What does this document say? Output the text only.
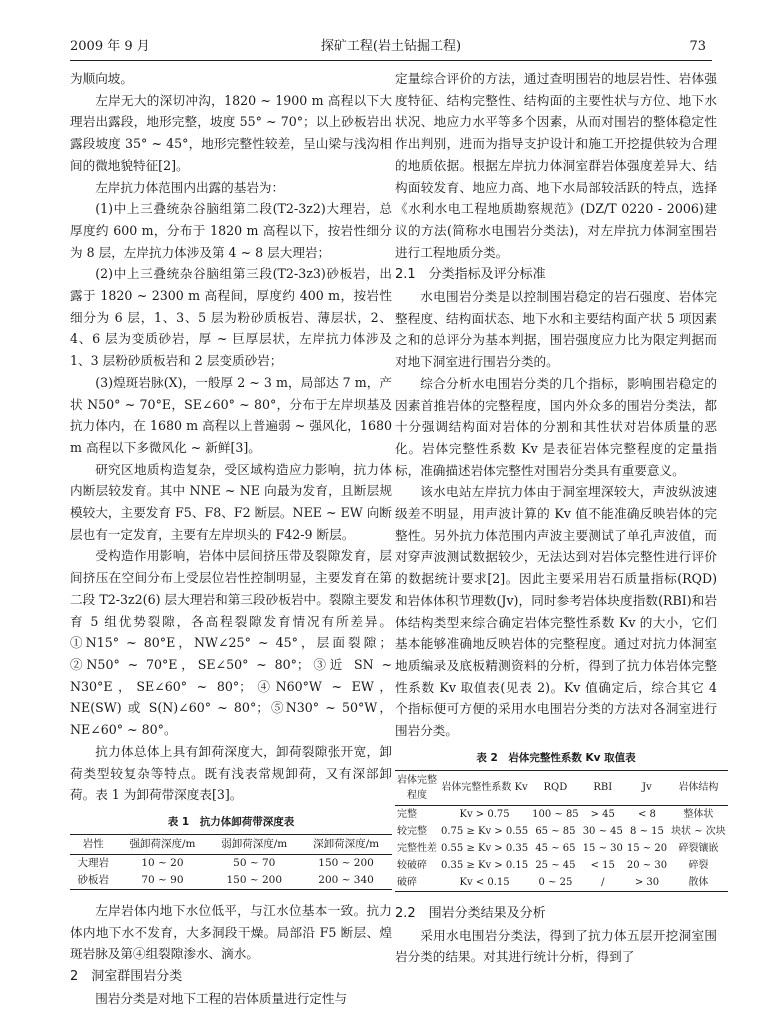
2009 年 9 月	探矿工程(岩土钻掘工程)	73

为顺向坡。

左岸无大的深切冲沟，1820 ~ 1900 m 高程以下大理岩出露段，地形完整，坡度 55° ~ 70°；以上砂板岩出露段坡度 35° ~ 45°，地形完整性较差，呈山梁与浅沟相间的微地貌特征[2]。

左岸抗力体范围内出露的基岩为：

(1)中上三叠统杂谷脑组第二段(T2-3z2)大理岩，总厚度约 600 m，分布于 1820 m 高程以下，按岩性细分为 8 层，左岸抗力体涉及第 4 ~ 8 层大理岩；

(2)中上三叠统杂谷脑组第三段(T2-3z3)砂板岩，出露于 1820 ~ 2300 m 高程间，厚度约 400 m，按岩性细分为 6 层，1、3、5 层为粉砂质板岩、薄层状，2、4、6 层为变质砂岩，厚 ~ 巨厚层状，左岸抗力体涉及 1、3 层粉砂质板岩和 2 层变质砂岩；

(3)煌斑岩脉(X)，一般厚 2 ~ 3 m，局部达 7 m，产状 N50° ~ 70°E，SE∠60° ~ 80°，分布于左岸坝基及抗力体内，在 1680 m 高程以上普遍弱 ~ 强风化，1680 m 高程以下多微风化 ~ 新鲜[3]。

研究区地质构造复杂，受区域构造应力影响，抗力体内断层较发育。其中 NNE ~ NE 向最为发育，且断层规模较大，主要发育 F5、F8、F2 断层。NEE ~ EW 向断层也有一定发育，主要有左岸坝头的 F42-9 断层。

受构造作用影响，岩体中层间挤压带及裂隙发育，层间挤压在空间分布上受层位岩性控制明显，主要发育在第二段 T2-3z2(6) 层大理岩和第三段砂板岩中。裂隙主要发育 5 组优势裂隙，各高程裂隙发育情况有所差异。①N15° ~ 80°E，NW∠25° ~ 45°，层面裂隙；②N50° ~ 70°E，SE∠50° ~ 80°；③近 SN ~ N30°E，SE∠60° ~ 80°；④N60°W ~ EW，NE(SW) 或 S(N)∠60° ~ 80°；⑤N30° ~ 50°W，NE∠60° ~ 80°。

抗力体总体上具有卸荷深度大，卸荷裂隙张开宽，卸荷类型较复杂等特点。既有浅表常规卸荷，又有深部卸荷。表 1 为卸荷带深度表[3]。

表 1　抗力体卸荷带深度表
岩性	强卸荷深度/m	弱卸荷深度/m	深卸荷深度/m
大理岩	10 ~ 20	50 ~ 70	150 ~ 200
砂板岩	70 ~ 90	150 ~ 200	200 ~ 340

左岸岩体内地下水位低平，与江水位基本一致。抗力体内地下水不发育，大多洞段干燥。局部沿 F5 断层、煌斑岩脉及第④组裂隙渗水、滴水。

2　洞室群围岩分类

围岩分类是对地下工程的岩体质量进行定性与

定量综合评价的方法，通过查明围岩的地层岩性、岩体强度特征、结构完整性、结构面的主要性状与方位、地下水状况、地应力水平等多个因素，从而对围岩的整体稳定性作出判别，进而为指导支护设计和施工开挖提供较为合理的地质依据。根据左岸抗力体洞室群岩体强度差异大、结构面较发育、地应力高、地下水局部较活跃的特点，选择《水利水电工程地质勘察规范》(DZ/T 0220 - 2006)建议的方法(简称水电围岩分类法)，对左岸抗力体洞室围岩进行工程地质分类。

2.1　分类指标及评分标准

水电围岩分类是以控制围岩稳定的岩石强度、岩体完整程度、结构面状态、地下水和主要结构面产状 5 项因素之和的总评分为基本判据，围岩强度应力比为限定判据而对地下洞室进行围岩分类的。

综合分析水电围岩分类的几个指标，影响围岩稳定的因素首推岩体的完整程度，国内外众多的围岩分类法，都十分强调结构面对岩体的分割和其性状对岩体质量的恶化。岩体完整性系数 Kv 是表征岩体完整程度的定量指标，准确描述岩体完整性对围岩分类具有重要意义。

该水电站左岸抗力体由于洞室埋深较大，声波纵波速级差不明显，用声波计算的 Kv 值不能准确反映岩体的完整性。另外抗力体范围内声波主要测试了单孔声波值，而对穿声波测试数据较少，无法达到对岩体完整性进行评价的数据统计要求[2]。因此主要采用岩石质量指标(RQD)和岩体体积节理数(Jv)，同时参考岩体块度指数(RBI)和岩体结构类型来综合确定岩体完整性系数 Kv 的大小，它们基本能够准确地反映岩体的完整程度。通过对抗力体洞室地质编录及底板精测资料的分析，得到了抗力体岩体完整性系数 Kv 取值表(见表 2)。Kv 值确定后，综合其它 4 个指标便可方便的采用水电围岩分类的方法对各洞室进行围岩分类。

表 2　岩体完整性系数 Kv 取值表
岩体完整程度	岩体完整性系数 Kv	RQD	RBI	Jv	岩体结构
完整	Kv > 0.75	100 ~ 85	> 45	< 8	整体状
较完整	0.75 ≥ Kv > 0.55	65 ~ 85	30 ~ 45	8 ~ 15	块状 ~ 次块
完整性差	0.55 ≥ Kv > 0.35	45 ~ 65	15 ~ 30	15 ~ 20	碎裂镶嵌
较破碎	0.35 ≥ Kv > 0.15	25 ~ 45	< 15	20 ~ 30	碎裂
破碎	Kv < 0.15	0 ~ 25	/	> 30	散体

2.2　围岩分类结果及分析

采用水电围岩分类法，得到了抗力体五层开挖洞室围岩分类的结果。对其进行统计分析，得到了
